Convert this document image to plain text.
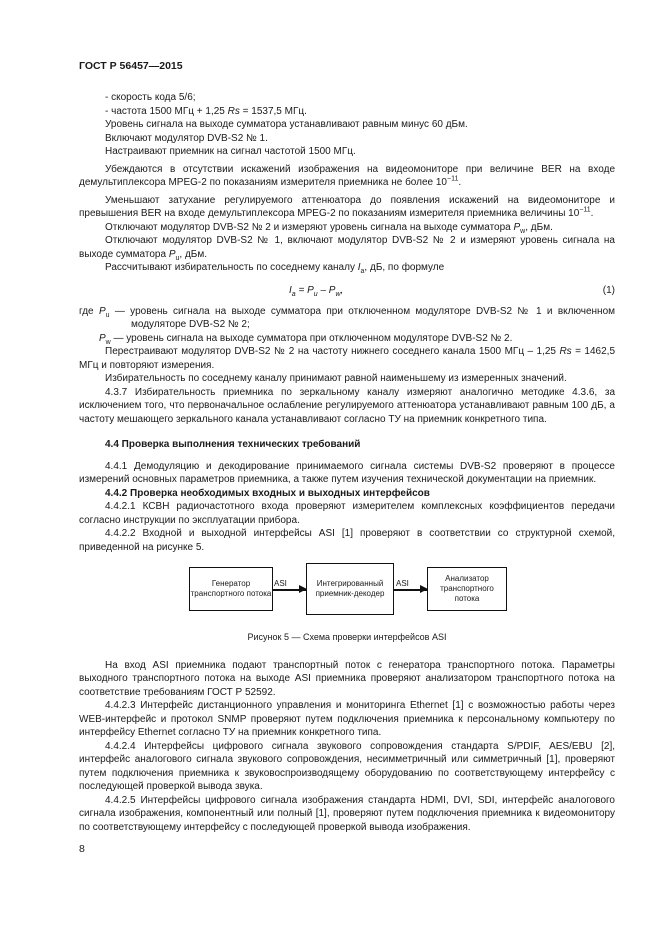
ГОСТ Р 56457—2015

- скорость кода 5/6;

- частота 1500 МГц + 1,25 Rs = 1537,5 МГц.

Уровень сигнала на выходе сумматора устанавливают равным минус 60 дБм.

Включают модулятор DVB-S2 № 1.

Настраивают приемник на сигнал частотой 1500 МГц.

Убеждаются в отсутствии искажений изображения на видеомониторе при величине BER на входе демультиплексора MPEG-2 по показаниям измерителя приемника не более $10^{-11}$.

Уменьшают затухание регулируемого аттенюатора до появления искажений на видеомониторе и превышения BER на входе демультиплексора MPEG-2 по показаниям измерителя приемника величины $10^{-11}$.

Отключают модулятор DVB-S2 № 2 и измеряют уровень сигнала на выходе сумматора $P_w$, дБм.

Отключают модулятор DVB-S2 № 1, включают модулятор DVB-S2 № 2 и измеряют уровень сигнала на выходе сумматора $P_u$, дБм.

Рассчитывают избирательность по соседнему каналу $I_a$, дБ, по формуле

$I_a = P_u - P_w$,	(1)

где $P_u$ — уровень сигнала на выходе сумматора при отключенном модуляторе DVB-S2 № 1 и включенном модуляторе DVB-S2 № 2;

$P_w$ — уровень сигнала на выходе сумматора при отключенном модуляторе DVB-S2 № 2.

Перестраивают модулятор DVB-S2 № 2 на частоту нижнего соседнего канала 1500 МГц – 1,25 Rs = 1462,5 МГц и повторяют измерения.

Избирательность по соседнему каналу принимают равной наименьшему из измеренных значений.

4.3.7 Избирательность приемника по зеркальному каналу измеряют аналогично методике 4.3.6, за исключением того, что первоначальное ослабление регулируемого аттенюатора устанавливают равным 100 дБ, а частоту мешающего зеркального канала устанавливают согласно ТУ на приемник конкретного типа.

4.4 Проверка выполнения технических требований

4.4.1 Демодуляцию и декодирование принимаемого сигнала системы DVB-S2 проверяют в процессе измерений основных параметров приемника, а также путем изучения технической документации на приемник.

4.4.2 Проверка необходимых входных и выходных интерфейсов

4.4.2.1 КСВН радиочастотного входа проверяют измерителем комплексных коэффициентов передачи согласно инструкции по эксплуатации прибора.

4.4.2.2 Входной и выходной интерфейсы ASI [1] проверяют в соответствии со структурной схемой, приведенной на рисунке 5.

Генератор транспортного потока
ASI	Интегрированный приемник-декодер
ASI
Анализатор транспортного потока
Рисунок 5 — Схема проверки интерфейсов ASI

На вход ASI приемника подают транспортный поток с генератора транспортного потока. Параметры выходного транспортного потока на выходе ASI приемника проверяют анализатором транспортного потока на соответствие требованиям ГОСТ Р 52592.

4.4.2.3 Интерфейс дистанционного управления и мониторинга Ethernet [1] с возможностью работы через WEB-интерфейс и протокол SNMP проверяют путем подключения приемника к персональному компьютеру по интерфейсу Ethernet согласно ТУ на приемник конкретного типа.

4.4.2.4 Интерфейсы цифрового сигнала звукового сопровождения стандарта S/PDIF, AES/EBU [2], интерфейс аналогового сигнала звукового сопровождения, несимметричный или симметричный [1], проверяют путем подключения приемника к звуковоспроизводящему оборудованию по соответствующему интерфейсу с последующей проверкой вывода звука.

4.4.2.5 Интерфейсы цифрового сигнала изображения стандарта HDMI, DVI, SDI, интерфейс аналогового сигнала изображения, компонентный или полный [1], проверяют путем подключения приемника к видеомонитору по соответствующему интерфейсу с последующей проверкой вывода изображения.

8
